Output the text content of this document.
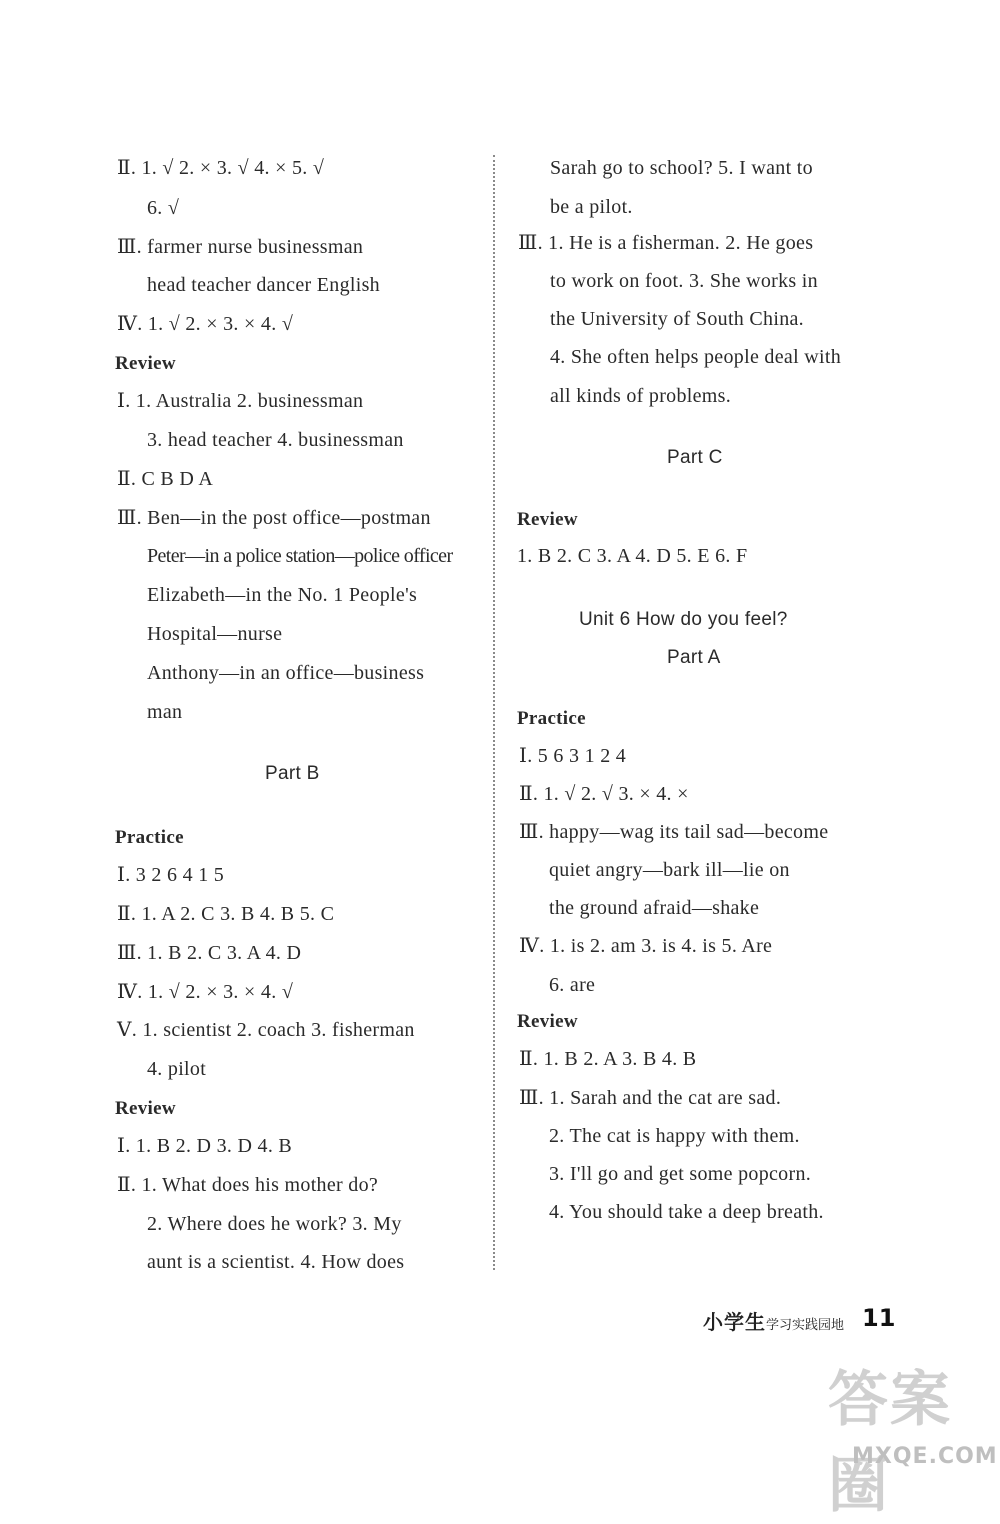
Ⅱ. 1. √ 2. × 3. √ 4. × 5. √
6. √
Ⅲ. farmer nurse businessman
head teacher dancer English
Ⅳ. 1. √ 2. × 3. × 4. √
Review
Ⅰ. 1. Australia 2. businessman
3. head teacher 4. businessman
Ⅱ. C B D A
Ⅲ. Ben—in the post office—postman
Peter—in a police station—police officer
Elizabeth—in the No. 1 People's
Hospital—nurse
Anthony—in an office—business
man
Part B
Practice
Ⅰ. 3 2 6 4 1 5
Ⅱ. 1. A 2. C 3. B 4. B 5. C
Ⅲ. 1. B 2. C 3. A 4. D
Ⅳ. 1. √ 2. × 3. × 4. √
Ⅴ. 1. scientist 2. coach 3. fisherman
4. pilot
Review
Ⅰ. 1. B 2. D 3. D 4. B
Ⅱ. 1. What does his mother do?
2. Where does he work? 3. My
aunt is a scientist. 4. How does
Sarah go to school? 5. I want to
be a pilot.
Ⅲ. 1. He is a fisherman. 2. He goes
to work on foot. 3. She works in
the University of South China.
4. She often helps people deal with
all kinds of problems.
Part C
Review
1. B 2. C 3. A 4. D 5. E 6. F
Unit 6 How do you feel?
Part A
Practice
Ⅰ. 5 6 3 1 2 4
Ⅱ. 1. √ 2. √ 3. × 4. ×
Ⅲ. happy—wag its tail sad—become
quiet angry—bark ill—lie on
the ground afraid—shake
Ⅳ. 1. is 2. am 3. is 4. is 5. Are
6. are
Review
Ⅱ. 1. B 2. A 3. B 4. B
Ⅲ. 1. Sarah and the cat are sad.
2. The cat is happy with them.
3. I'll go and get some popcorn.
4. You should take a deep breath.
小学生学习实践园地 11
答案圈
MXQE.COM
